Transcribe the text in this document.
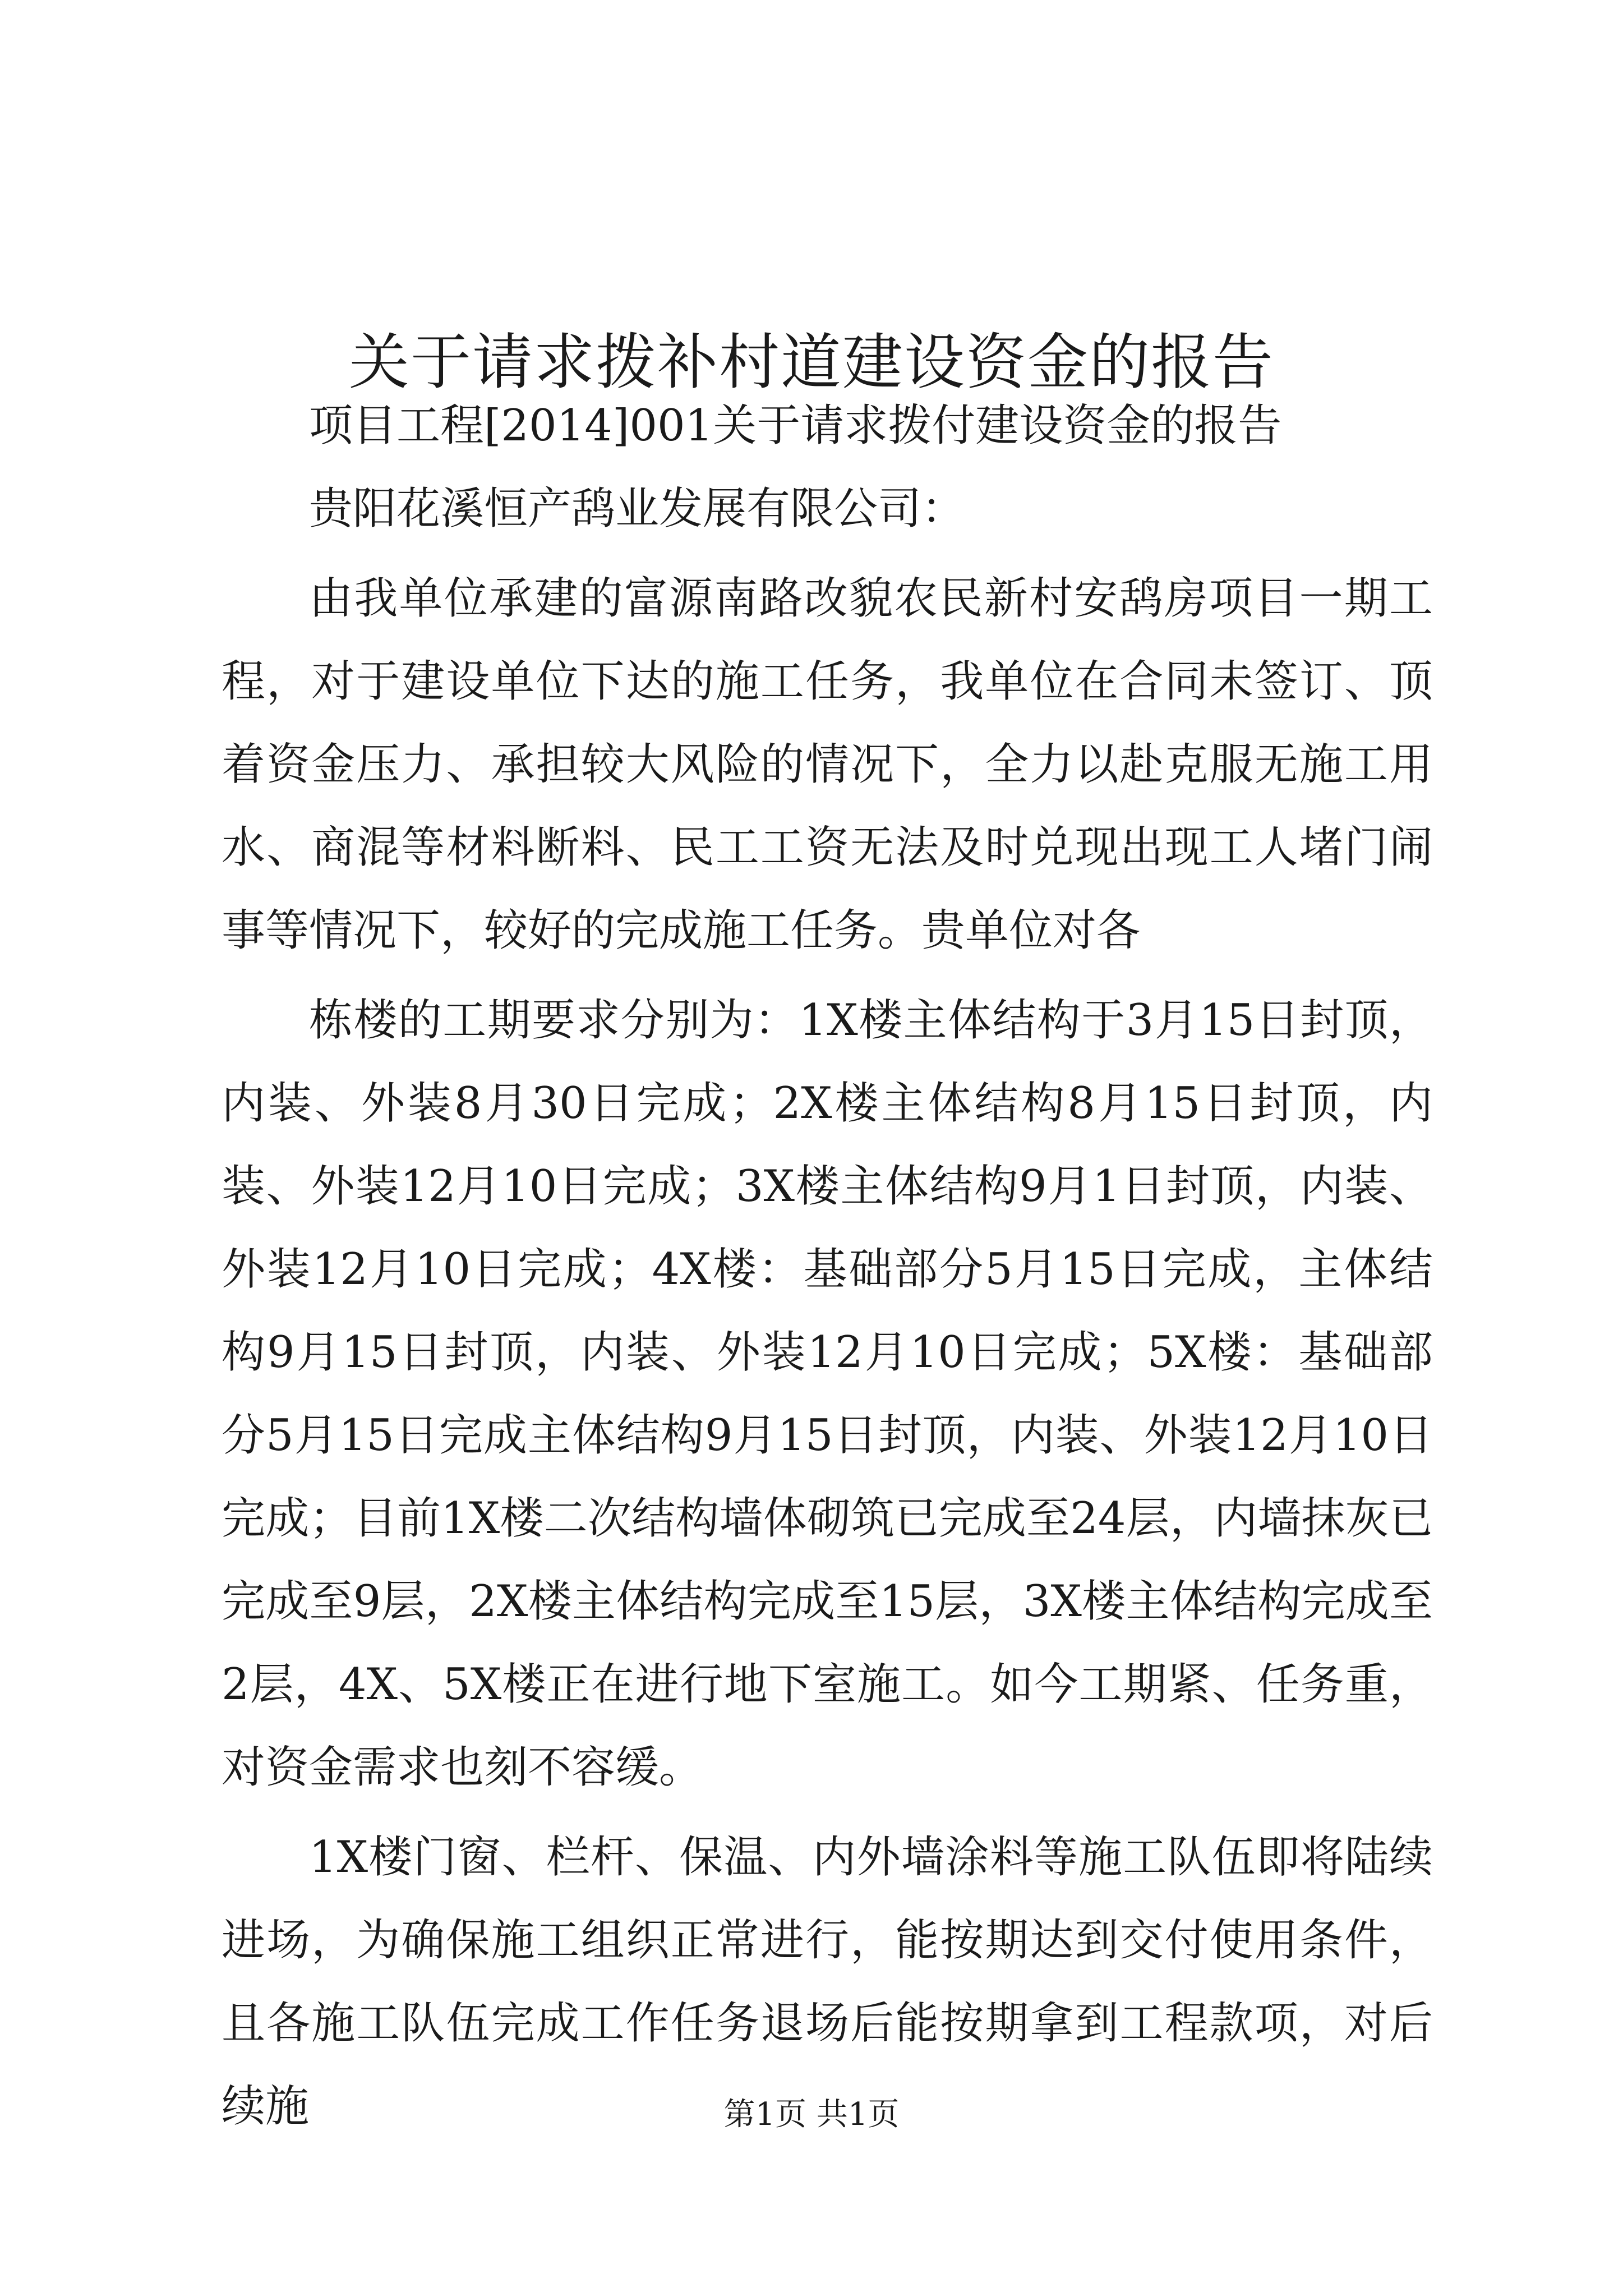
关于请求拨补村道建设资金的报告

项目工程[2014]001关于请求拨付建设资金的报告

贵阳花溪恒产鸹业发展有限公司：

由我单位承建的富源南路改貌农民新村安鸹房项目一期工程，对于建设单位下达的施工任务，我单位在合同未签订、顶着资金压力、承担较大风险的情况下，全力以赴克服无施工用水、商混等材料断料、民工工资无法及时兑现出现工人堵门闹事等情况下，较好的完成施工任务。贵单位对各

栋楼的工期要求分别为：1X楼主体结构于3月15日封顶，内装、外装8月30日完成；2X楼主体结构8月15日封顶，内装、外装12月10日完成；3X楼主体结构9月1日封顶，内装、外装12月10日完成；4X楼：基础部分5月15日完成，主体结构9月15日封顶，内装、外装12月10日完成；5X楼：基础部分5月15日完成主体结构9月15日封顶，内装、外装12月10日完成；目前1X楼二次结构墙体砌筑已完成至24层，内墙抹灰已完成至9层，2X楼主体结构完成至15层，3X楼主体结构完成至2层，4X、5X楼正在进行地下室施工。如今工期紧、任务重，对资金需求也刻不容缓。

1X楼门窗、栏杆、保温、内外墙涂料等施工队伍即将陆续进场，为确保施工组织正常进行，能按期达到交付使用条件，且各施工队伍完成工作任务退场后能按期拿到工程款项，对后续施	第1页 共1页
